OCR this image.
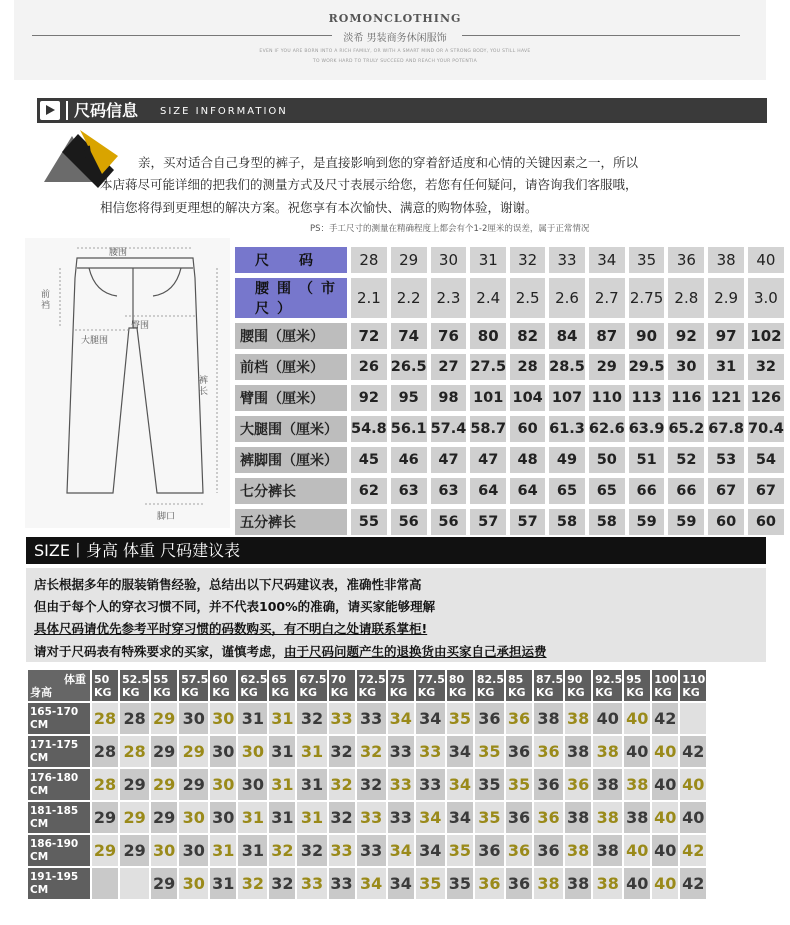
ROMONCLOTHING
淡希 男装商务休闲服饰
EVEN IF YOU ARE BORN INTO A RICH FAMILY, OR WITH A SMART MIND OR A STRONG BODY, YOU STILL HAVE
TO WORK HARD TO TRULY SUCCEED AND REACH YOUR POTENTIA
尺码信息 SIZE INFORMATION
亲，买对适合自己身型的裤子，是直接影响到您的穿着舒适度和心情的关键因素之一，所以
本店蒋尽可能详细的把我们的测量方式及尺寸表展示给您，若您有任何疑问，请咨询我们客服哦，
相信您将得到更理想的解决方案。祝您享有本次愉快、满意的购物体验，谢谢。
PS：手工尺寸的测量在精确程度上都会有个1-2厘米的误差，属于正常情况
腰围
前裆
臀围
大腿围
裤长
脚口
尺　码	28	29	30	31	32	33	34	35	36	38	40
腰围（市尺）	2.1	2.2	2.3	2.4	2.5	2.6	2.7	2.75	2.8	2.9	3.0
腰围（厘米）	72	74	76	80	82	84	87	90	92	97	102
前档（厘米）	26	26.5	27	27.5	28	28.5	29	29.5	30	31	32
臂围（厘米）	92	95	98	101	104	107	110	113	116	121	126
大腿围（厘米）	54.8	56.1	57.4	58.7	60	61.3	62.6	63.9	65.2	67.8	70.4
裤脚围（厘米）	45	46	47	47	48	49	50	51	52	53	54
七分裤长	62	63	63	64	64	65	65	66	66	67	67
五分裤长	55	56	56	57	57	58	58	59	59	60	60
SIZE丨身高 体重 尺码建议表
店长根据多年的服装销售经验，总结出以下尺码建议表，准确性非常高
但由于每个人的穿衣习惯不同，并不代表100%的准确，请买家能够理解
具体尺码请优先参考平时穿习惯的码数购买，有不明白之处请联系掌柜!
请对于尺码表有特殊要求的买家，谨慎考虑，由于尺码问题产生的退换货由买家自己承担运费
体重
身高	50 KG	52.5 KG	55 KG	57.5 KG	60 KG	62.5 KG	65 KG	67.5 KG	70 KG	72.5 KG	75 KG	77.5 KG	80 KG	82.5 KG	85 KG	87.5 KG	90 KG	92.5 KG	95 KG	100 KG	110 KG
165-170 CM	28	28	29	30	30	31	31	32	33	33	34	34	35	36	36	38	38	40	40	42	
171-175 CM	28	28	29	29	30	30	31	31	32	32	33	33	34	35	36	36	38	38	40	40	42
176-180 CM	28	29	29	29	30	30	31	31	32	32	33	33	34	35	35	36	36	38	38	40	40
181-185 CM	29	29	29	30	30	31	31	31	32	33	33	34	34	35	36	36	38	38	38	40	40
186-190 CM	29	29	30	30	31	31	32	32	33	33	34	34	35	36	36	36	38	38	40	40	42
191-195 CM			29	30	31	32	32	33	33	34	34	35	35	36	36	38	38	38	40	40	42
